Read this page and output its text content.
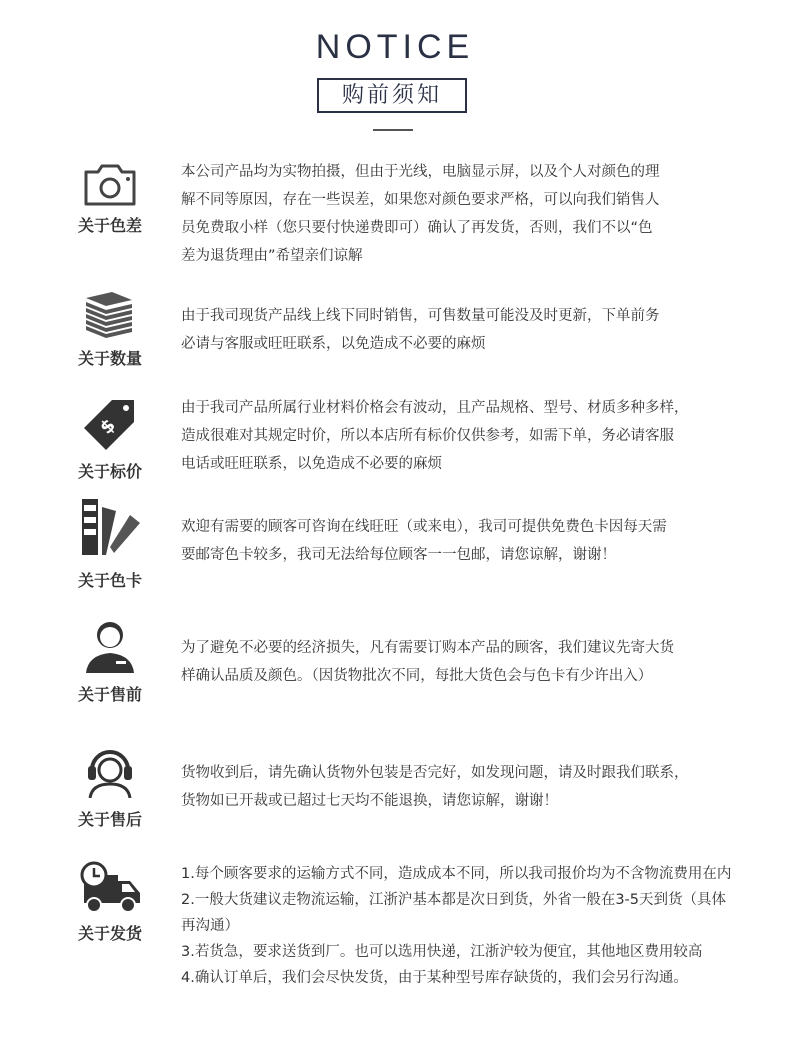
NOTICE
购前须知
关于色差

本公司产品均为实物拍摄，但由于光线，电脑显示屏，以及个人对颜色的理

解不同等原因，存在一些误差，如果您对颜色要求严格，可以向我们销售人

员免费取小样（您只要付快递费即可）确认了再发货，否则，我们不以“色

差为退货理由”希望亲们谅解

关于数量

由于我司现货产品线上线下同时销售，可售数量可能没及时更新，下单前务

必请与客服或旺旺联系，以免造成不必要的麻烦

$
关于标价

由于我司产品所属行业材料价格会有波动，且产品规格、型号、材质多种多样，

造成很难对其规定时价，所以本店所有标价仅供参考，如需下单，务必请客服

电话或旺旺联系，以免造成不必要的麻烦

关于色卡

欢迎有需要的顾客可咨询在线旺旺（或来电），我司可提供免费色卡因每天需

要邮寄色卡较多，我司无法给每位顾客一一包邮，请您谅解，谢谢！

关于售前

为了避免不必要的经济损失，凡有需要订购本产品的顾客，我们建议先寄大货

样确认品质及颜色。（因货物批次不同，每批大货色会与色卡有少许出入）

关于售后

货物收到后，请先确认货物外包装是否完好，如发现问题，请及时跟我们联系，

货物如已开裁或已超过七天均不能退换，请您谅解，谢谢！

关于发货

1.每个顾客要求的运输方式不同，造成成本不同，所以我司报价均为不含物流费用在内

2.一般大货建议走物流运输，江浙沪基本都是次日到货，外省一般在3-5天到货（具体

再沟通）

3.若货急，要求送货到厂。也可以选用快递，江浙沪较为便宜，其他地区费用较高

4.确认订单后，我们会尽快发货，由于某种型号库存缺货的，我们会另行沟通。
